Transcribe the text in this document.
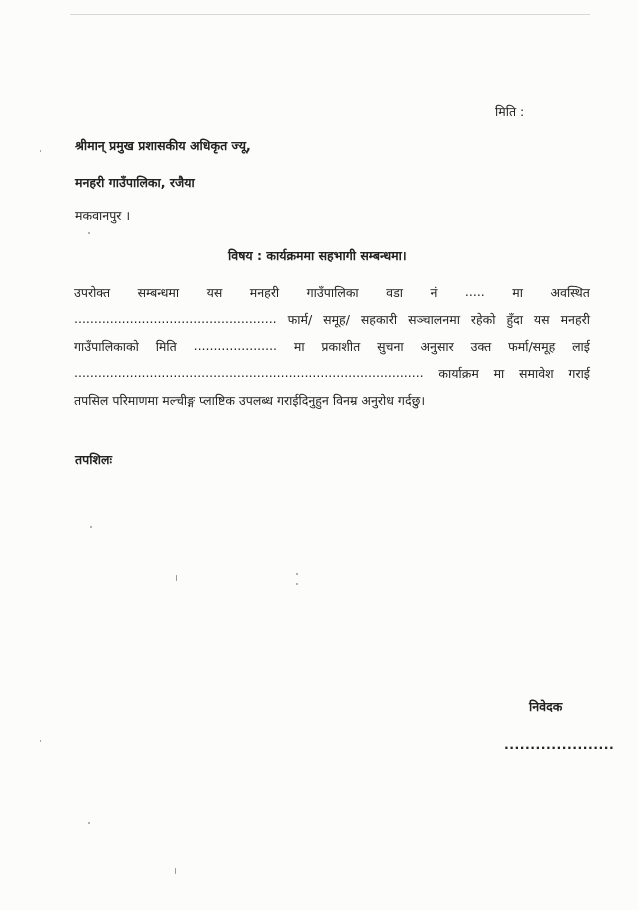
मिति :
श्रीमान् प्रमुख प्रशासकीय अधिकृत ज्यू,
मनहरी गाउँपालिका, रजैया
मकवानपुर ।
विषय : कार्यक्रममा सहभागी सम्बन्धमा।
उपरोक्त सम्बन्धमा यस मनहरी गाउँपालिका वडा नं ..... मा अवस्थित
................................................... फार्म/ समूह/ सहकारी सञ्चालनमा रहेको हुँदा यस मनहरी
गाउँपालिकाको मिति ..................... मा प्रकाशीत सुचना अनुसार उक्त फर्मा/समूह लाई
........................................................................................ कार्याक्रम मा समावेश गराई
तपसिल परिमाणमा मल्चीङ्ग प्लाष्टिक उपलब्ध गराईदिनुहुन विनम्र अनुरोध गर्दछु।
तपशिलः
निवेदक
.....................
